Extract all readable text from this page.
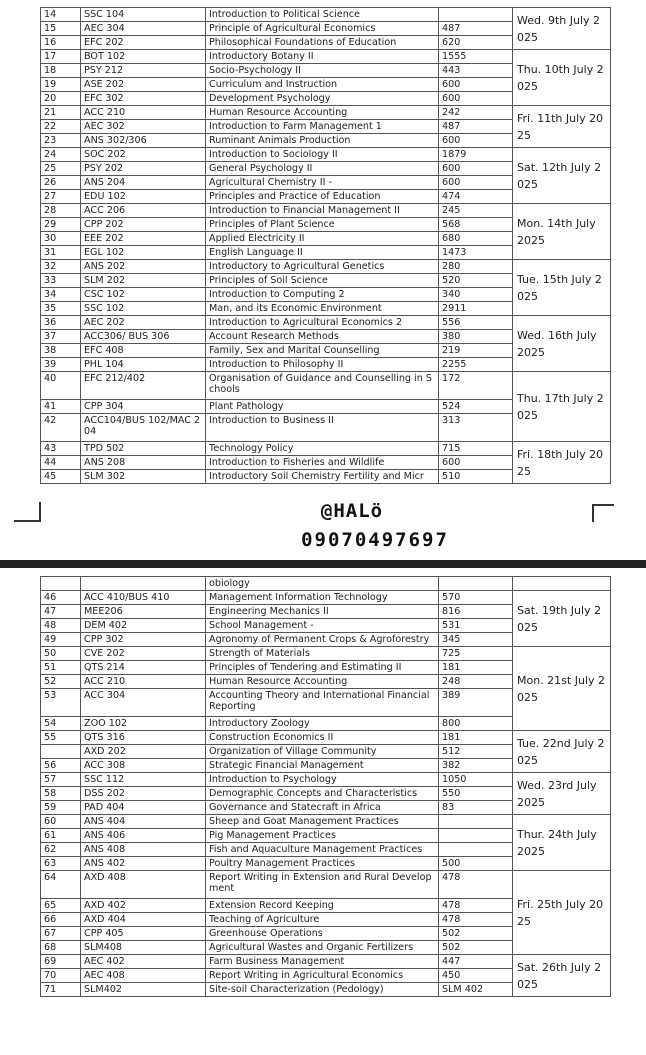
14	SSC 104	Introduction to Political Science		Wed. 9th July 2025
15	AEC 304	Principle of Agricultural Economics	487	
16	EFC 202	Philosophical Foundations of Education	620	
17	BOT 102	Introductory Botany II	1555	Thu. 10th July 2025
18	PSY 212	Socio-Psychology II	443	
19	ASE 202	Curriculum and Instruction	600	
20	EFC 302	Development Psychology	600	
21	ACC 210	Human Resource Accounting	242	Fri. 11th July 2025
22	AEC 302	Introduction to Farm Management 1	487	
23	ANS 302/306	Ruminant Animals Production	600	
24	SOC 202	Introduction to Sociology II	1879	Sat. 12th July 2025
25	PSY 202	General Psychology II	600	
26	ANS 204	Agricultural Chemistry II -	600	
27	EDU 102	Principles and Practice of Education	474	
28	ACC 206	Introduction to Financial Management II	245	Mon. 14th July 2025
29	CPP 202	Principles of Plant Science	568	
30	EEE 202	Applied Electricity II	680	
31	EGL 102	English Language II	1473	
32	ANS 202	Introductory to Agricultural Genetics	280	Tue. 15th July 2025
33	SLM 202	Principles of Soil Science	520	
34	CSC 102	Introduction to Computing 2	340	
35	SSC 102	Man, and its Economic Environment	2911	
36	AEC 202	Introduction to Agricultural Economics 2	556	Wed. 16th July 2025
37	ACC306/ BUS 306	Account Research Methods	380	
38	EFC 408	Family, Sex and Marital Counselling	219	
39	PHL 104	Introduction to Philosophy II	2255	
40	EFC 212/402	Organisation of Guidance and Counselling in Schools	172	Thu. 17th July 2025
41	CPP 304	Plant Pathology	524	
42	ACC104/BUS 102/MAC 204	Introduction to Business II	313	
43	TPD 502	Technology Policy	715	Fri. 18th July 2025
44	ANS 208	Introduction to Fisheries and Wildlife	600	
45	SLM 302	Introductory Soil Chemistry Fertility and Micr	510	
@HALö
09070497697
		obiology		
46	ACC 410/BUS 410	Management Information Technology	570	Sat. 19th July 2025
47	MEE206	Engineering Mechanics II	816	
48	DEM 402	School Management -	531	
49	CPP 302	Agronomy of Permanent Crops & Agroforestry	345	
50	CVE 202	Strength of Materials	725	Mon. 21st July 2025
51	QTS 214	Principles of Tendering and Estimating II	181	
52	ACC 210	Human Resource Accounting	248	
53	ACC 304	Accounting Theory and International Financial Reporting	389	
54	ZOO 102	Introductory Zoology	800	
55	QTS 316	Construction Economics II	181	Tue. 22nd July 2025
	AXD 202	Organization of Village Community	512	
56	ACC 308	Strategic Financial Management	382	
57	SSC 112	Introduction to Psychology	1050	Wed. 23rd July 2025
58	DSS 202	Demographic Concepts and Characteristics	550	
59	PAD 404	Governance and Statecraft in Africa	83	
60	ANS 404	Sheep and Goat Management Practices		Thur. 24th July 2025
61	ANS 406	Pig Management Practices		
62	ANS 408	Fish and Aquaculture Management Practices		
63	ANS 402	Poultry Management Practices	500	
64	AXD 408	Report Writing in Extension and Rural Development	478	Fri. 25th July 2025
65	AXD 402	Extension Record Keeping	478	
66	AXD 404	Teaching of Agriculture	478	
67	CPP 405	Greenhouse Operations	502	
68	SLM408	Agricultural Wastes and Organic Fertilizers	502	
69	AEC 402	Farm Business Management	447	Sat. 26th July 2025
70	AEC 408	Report Writing in Agricultural Economics	450	
71	SLM402	Site-soil Characterization (Pedology)	SLM 402	
